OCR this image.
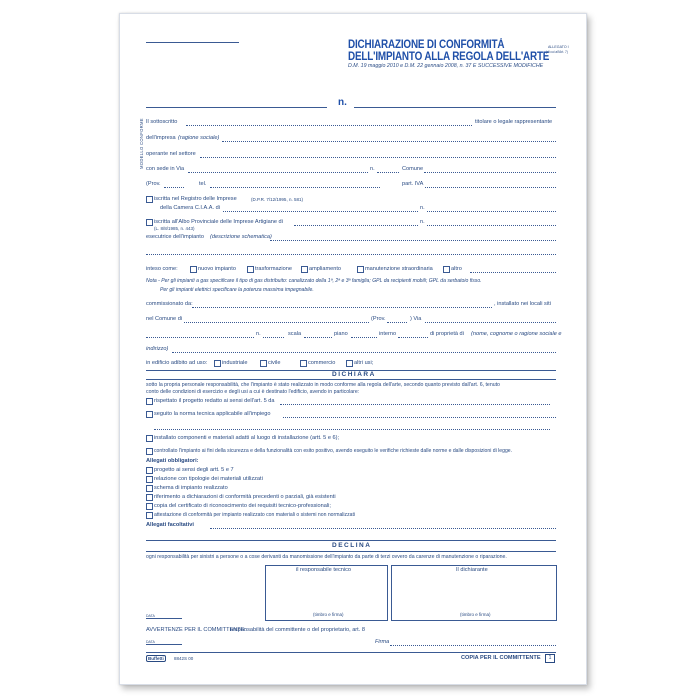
DICHIARAZIONE DI CONFORMITÀ
DELL'IMPIANTO ALLA REGOLA DELL'ARTE
D.M. 19 maggio 2010 e D.M. 22 gennaio 2008, n. 37 E SUCCESSIVE MODIFICHE
ALLEGATO I
(di cui all'Art. 7)
n.
MODELLO CONFORME Il sottoscritto	titolare o legale rappresentante
dell'impresa (ragione sociale)
operante nel settore
con sede in Via	n.	Comune
(Prov.	tel.	part. IVA
iscritta nel Registro delle Imprese	(D.P.R. 7/12/1995, n. 581)
della Camera C.I.A.A. di	n.
iscritta all'Albo Provinciale delle Imprese Artigiane di	n.
(L. 8/8/1985, n. 443)
esecutrice dell'impianto (descrizione schematica)
inteso come:	nuovo impianto	trasformazione	ampliamento	manutenzione straordinaria	altro
Nota - Per gli impianti a gas specificare il tipo di gas distribuito: canalizzato della 1ª, 2ª e 3ª famiglia; GPL da recipienti mobili; GPL da serbatoio fisso.
Per gli impianti elettrici specificare la potenza massima impegnabile.
commissionato da:	, installato nei locali siti
nel Comune di	(Prov.	) Via
n.	scala	piano	interno	di proprietà di (nome, cognome o ragione sociale e
indirizzo)
in edificio adibito ad uso:	industriale	civile	commercio	altri usi;
DICHIARA
sotto la propria personale responsabilità, che l'impianto è stato realizzato in modo conforme alla regola dell'arte, secondo quanto previsto dall'art. 6, tenuto
conto delle condizioni di esercizio e degli usi a cui è destinato l'edificio, avendo in particolare:
rispettato il progetto redatto ai sensi dell'art. 5 da
seguito la norma tecnica applicabile all'impiego
installato componenti e materiali adatti al luogo di installazione (artt. 5 e 6);
controllato l'impianto ai fini della sicurezza e della funzionalità con esito positivo, avendo eseguito le verifiche richieste dalle norme e dalle disposizioni di legge.
Allegati obbligatori:
progetto ai sensi degli artt. 5 e 7
relazione con tipologie dei materiali utilizzati
schema di impianto realizzato
riferimento a dichiarazioni di conformità precedenti o parziali, già esistenti
copia del certificato di riconoscimento dei requisiti tecnico-professionali;
attestazione di conformità per impianto realizzato con materiali o sistemi non normalizzati
Allegati facoltativi
DECLINA
ogni responsabilità per sinistri a persone o a cose derivanti da manomissione dell'impianto da parte di terzi ovvero da carenze di manutenzione o riparazione.
il responsabile tecnico
(timbro e firma)
Il dichiarante
(timbro e firma)
DATA
AVVERTENZE PER IL COMMITTENTE:
responsabilità del committente o del proprietario, art. 8
DATA	Firma
Buffetti	8842S 00	COPIA PER IL COMMITTENTE	1
